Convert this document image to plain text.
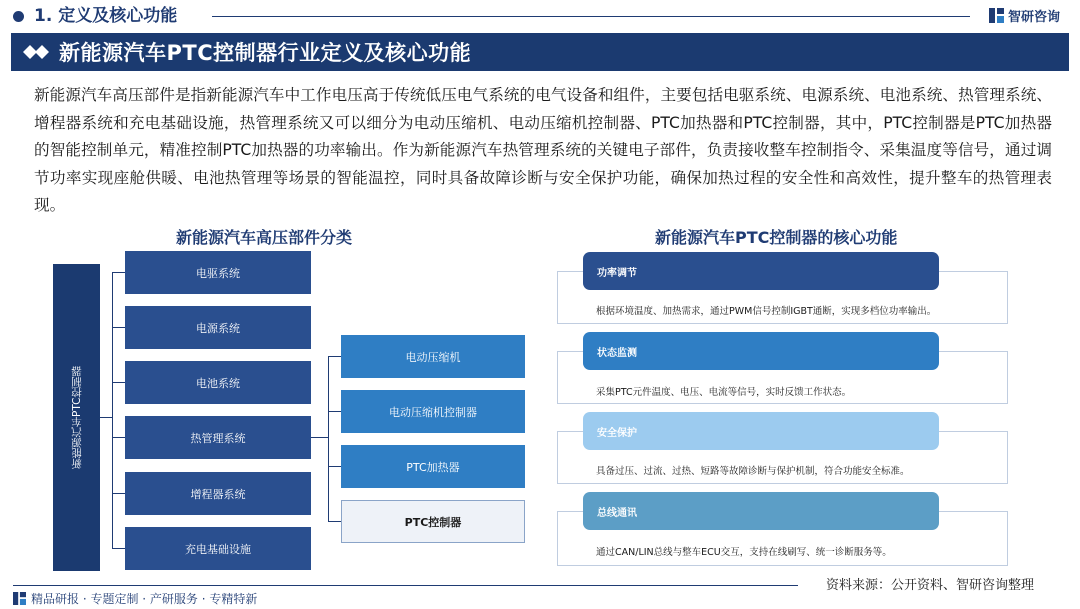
1. 定义及核心功能	智研咨询
新能源汽车PTC控制器行业定义及核心功能
新能源汽车高压部件是指新能源汽车中工作电压高于传统低压电气系统的电气设备和组件，主要包括电驱系统、电源系统、电池系统、热管理系统、增程器系统和充电基础设施，热管理系统又可以细分为电动压缩机、电动压缩机控制器、PTC加热器和PTC控制器，其中，PTC控制器是PTC加热器的智能控制单元，精准控制PTC加热器的功率输出。作为新能源汽车热管理系统的关键电子部件，负责接收整车控制指令、采集温度等信号，通过调节功率实现座舱供暖、电池热管理等场景的智能温控，同时具备故障诊断与安全保护功能，确保加热过程的安全性和高效性，提升整车的热管理表现。
新能源汽车高压部件分类	新能源汽车PTC控制器的核心功能
新能源汽车PTC控制器
电驱系统
电源系统
电池系统
热管理系统
增程器系统
充电基础设施
电动压缩机
电动压缩机控制器
PTC加热器
PTC控制器
功率调节
根据环境温度、加热需求，通过PWM信号控制IGBT通断，实现多档位功率输出。
状态监测
采集PTC元件温度、电压、电流等信号，实时反馈工作状态。
安全保护
具备过压、过流、过热、短路等故障诊断与保护机制，符合功能安全标准。
总线通讯
通过CAN/LIN总线与整车ECU交互，支持在线刷写、统一诊断服务等。
资料来源：公开资料、智研咨询整理
精品研报 · 专题定制 · 产研服务 · 专精特新
